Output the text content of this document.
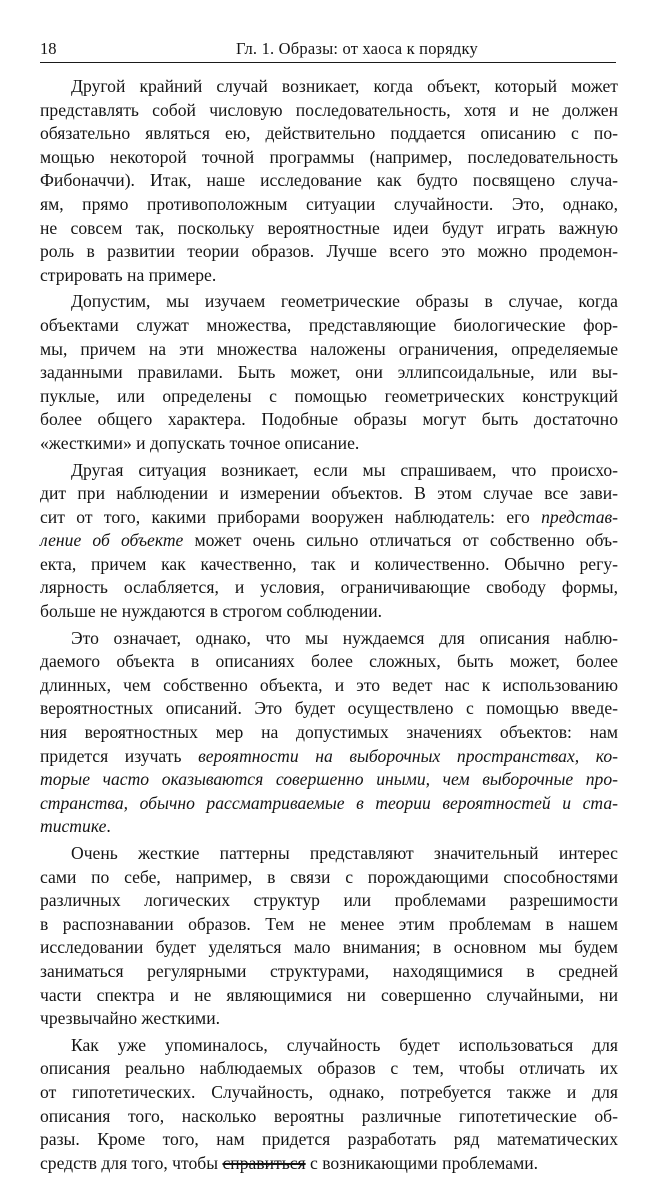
18	Гл. 1. Образы: от хаоса к порядку
Другой крайний случай возникает, когда объект, который может
представлять собой числовую последовательность, хотя и не должен
обязательно являться ею, действительно поддается описанию с по-
мощью некоторой точной программы (например, последовательность
Фибоначчи). Итак, наше исследование как будто посвящено случа-
ям, прямо противоположным ситуации случайности. Это, однако,
не совсем так, поскольку вероятностные идеи будут играть важную
роль в развитии теории образов. Лучше всего это можно продемон-
стрировать на примере.
Допустим, мы изучаем геометрические образы в случае, когда
объектами служат множества, представляющие биологические фор-
мы, причем на эти множества наложены ограничения, определяемые
заданными правилами. Быть может, они эллипсоидальные, или вы-
пуклые, или определены с помощью геометрических конструкций
более общего характера. Подобные образы могут быть достаточно
«жесткими» и допускать точное описание.
Другая ситуация возникает, если мы спрашиваем, что происхо-
дит при наблюдении и измерении объектов. В этом случае все зави-
сит от того, какими приборами вооружен наблюдатель: его представ-
ление об объекте может очень сильно отличаться от собственно объ-
екта, причем как качественно, так и количественно. Обычно регу-
лярность ослабляется, и условия, ограничивающие свободу формы,
больше не нуждаются в строгом соблюдении.
Это означает, однако, что мы нуждаемся для описания наблю-
даемого объекта в описаниях более сложных, быть может, более
длинных, чем собственно объекта, и это ведет нас к использованию
вероятностных описаний. Это будет осуществлено с помощью введе-
ния вероятностных мер на допустимых значениях объектов: нам
придется изучать вероятности на выборочных пространствах, ко-
торые часто оказываются совершенно иными, чем выборочные про-
странства, обычно рассматриваемые в теории вероятностей и ста-
тистике.
Очень жесткие паттерны представляют значительный интерес
сами по себе, например, в связи с порождающими способностями
различных логических структур или проблемами разрешимости
в распознавании образов. Тем не менее этим проблемам в нашем
исследовании будет уделяться мало внимания; в основном мы будем
заниматься регулярными структурами, находящимися в средней
части спектра и не являющимися ни совершенно случайными, ни
чрезвычайно жесткими.
Как уже упоминалось, случайность будет использоваться для
описания реально наблюдаемых образов с тем, чтобы отличать их
от гипотетических. Случайность, однако, потребуется также и для
описания того, насколько вероятны различные гипотетические об-
разы. Кроме того, нам придется разработать ряд математических
средств для того, чтобы справиться с возникающими проблемами.
